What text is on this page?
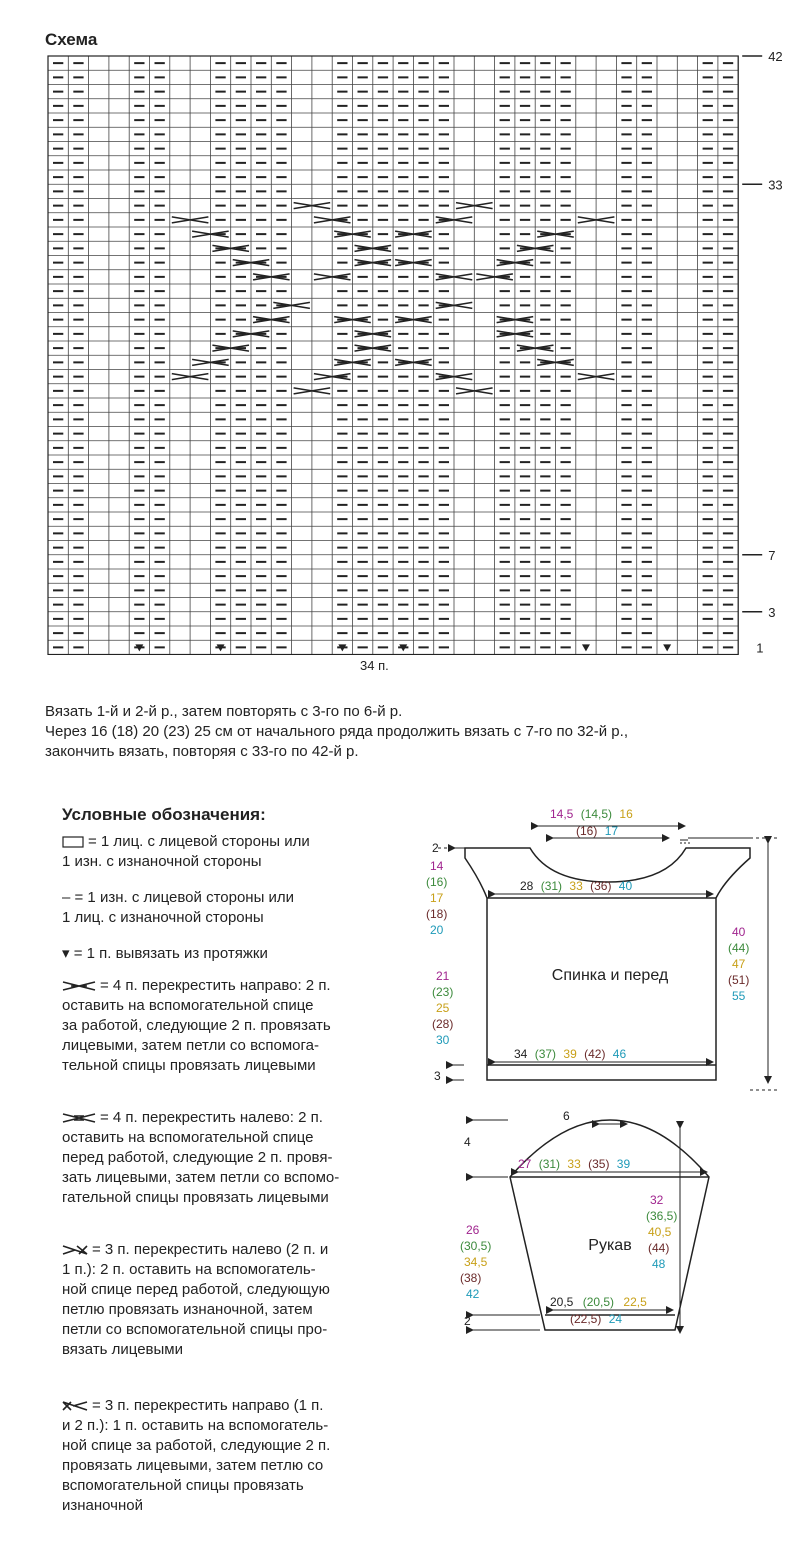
Схема
42
33
7
3
1
34 п.
Вязать 1-й и 2-й р., затем повторять с 3-го по 6-й р.
Через 16 (18) 20 (23) 25 см от начального ряда продолжить вязать с 7-го по 32-й р.,
закончить вязать, повторяя с 33-го по 42-й р.
Условные обозначения:
= 1 лиц. с лицевой стороны или
1 изн. с изнаночной стороны
– = 1 изн. с лицевой стороны или
1 лиц. с изнаночной стороны
▾ = 1 п. вывязать из протяжки
= 4 п. перекрестить направо: 2 п.
оставить на вспомогательной спице
за работой, следующие 2 п. провязать
лицевыми, затем петли со вспомога-
тельной спицы провязать лицевыми
= 4 п. перекрестить налево: 2 п.
оставить на вспомогательной спице
перед работой, следующие 2 п. провя-
зать лицевыми, затем петли со вспомо-
гательной спицы провязать лицевыми
= 3 п. перекрестить налево (2 п. и
1 п.): 2 п. оставить на вспомогатель-
ной спице перед работой, следующую
петлю провязать изнаночной, затем
петли со вспомогательной спицы про-
вязать лицевыми
= 3 п. перекрестить направо (1 п.
и 2 п.): 1 п. оставить на вспомогатель-
ной спице за работой, следующие 2 п.
провязать лицевыми, затем петлю со
вспомогательной спицы провязать
изнаночной
Спинка и перед
Рукав
14,5 (14,5) 16
(16) 17
2
14
(16)
17
(18)
20
28 (31) 33 (36) 40
21
(23)
25
(28)
30
40
(44)
47
(51)
55
34 (37) 39 (42) 46
3
6
4
27 (31) 33 (35) 39
26
(30,5)
34,5
(38)
42
32
(36,5)
40,5
(44)
48
20,5 (20,5) 22,5
(22,5) 24
2
